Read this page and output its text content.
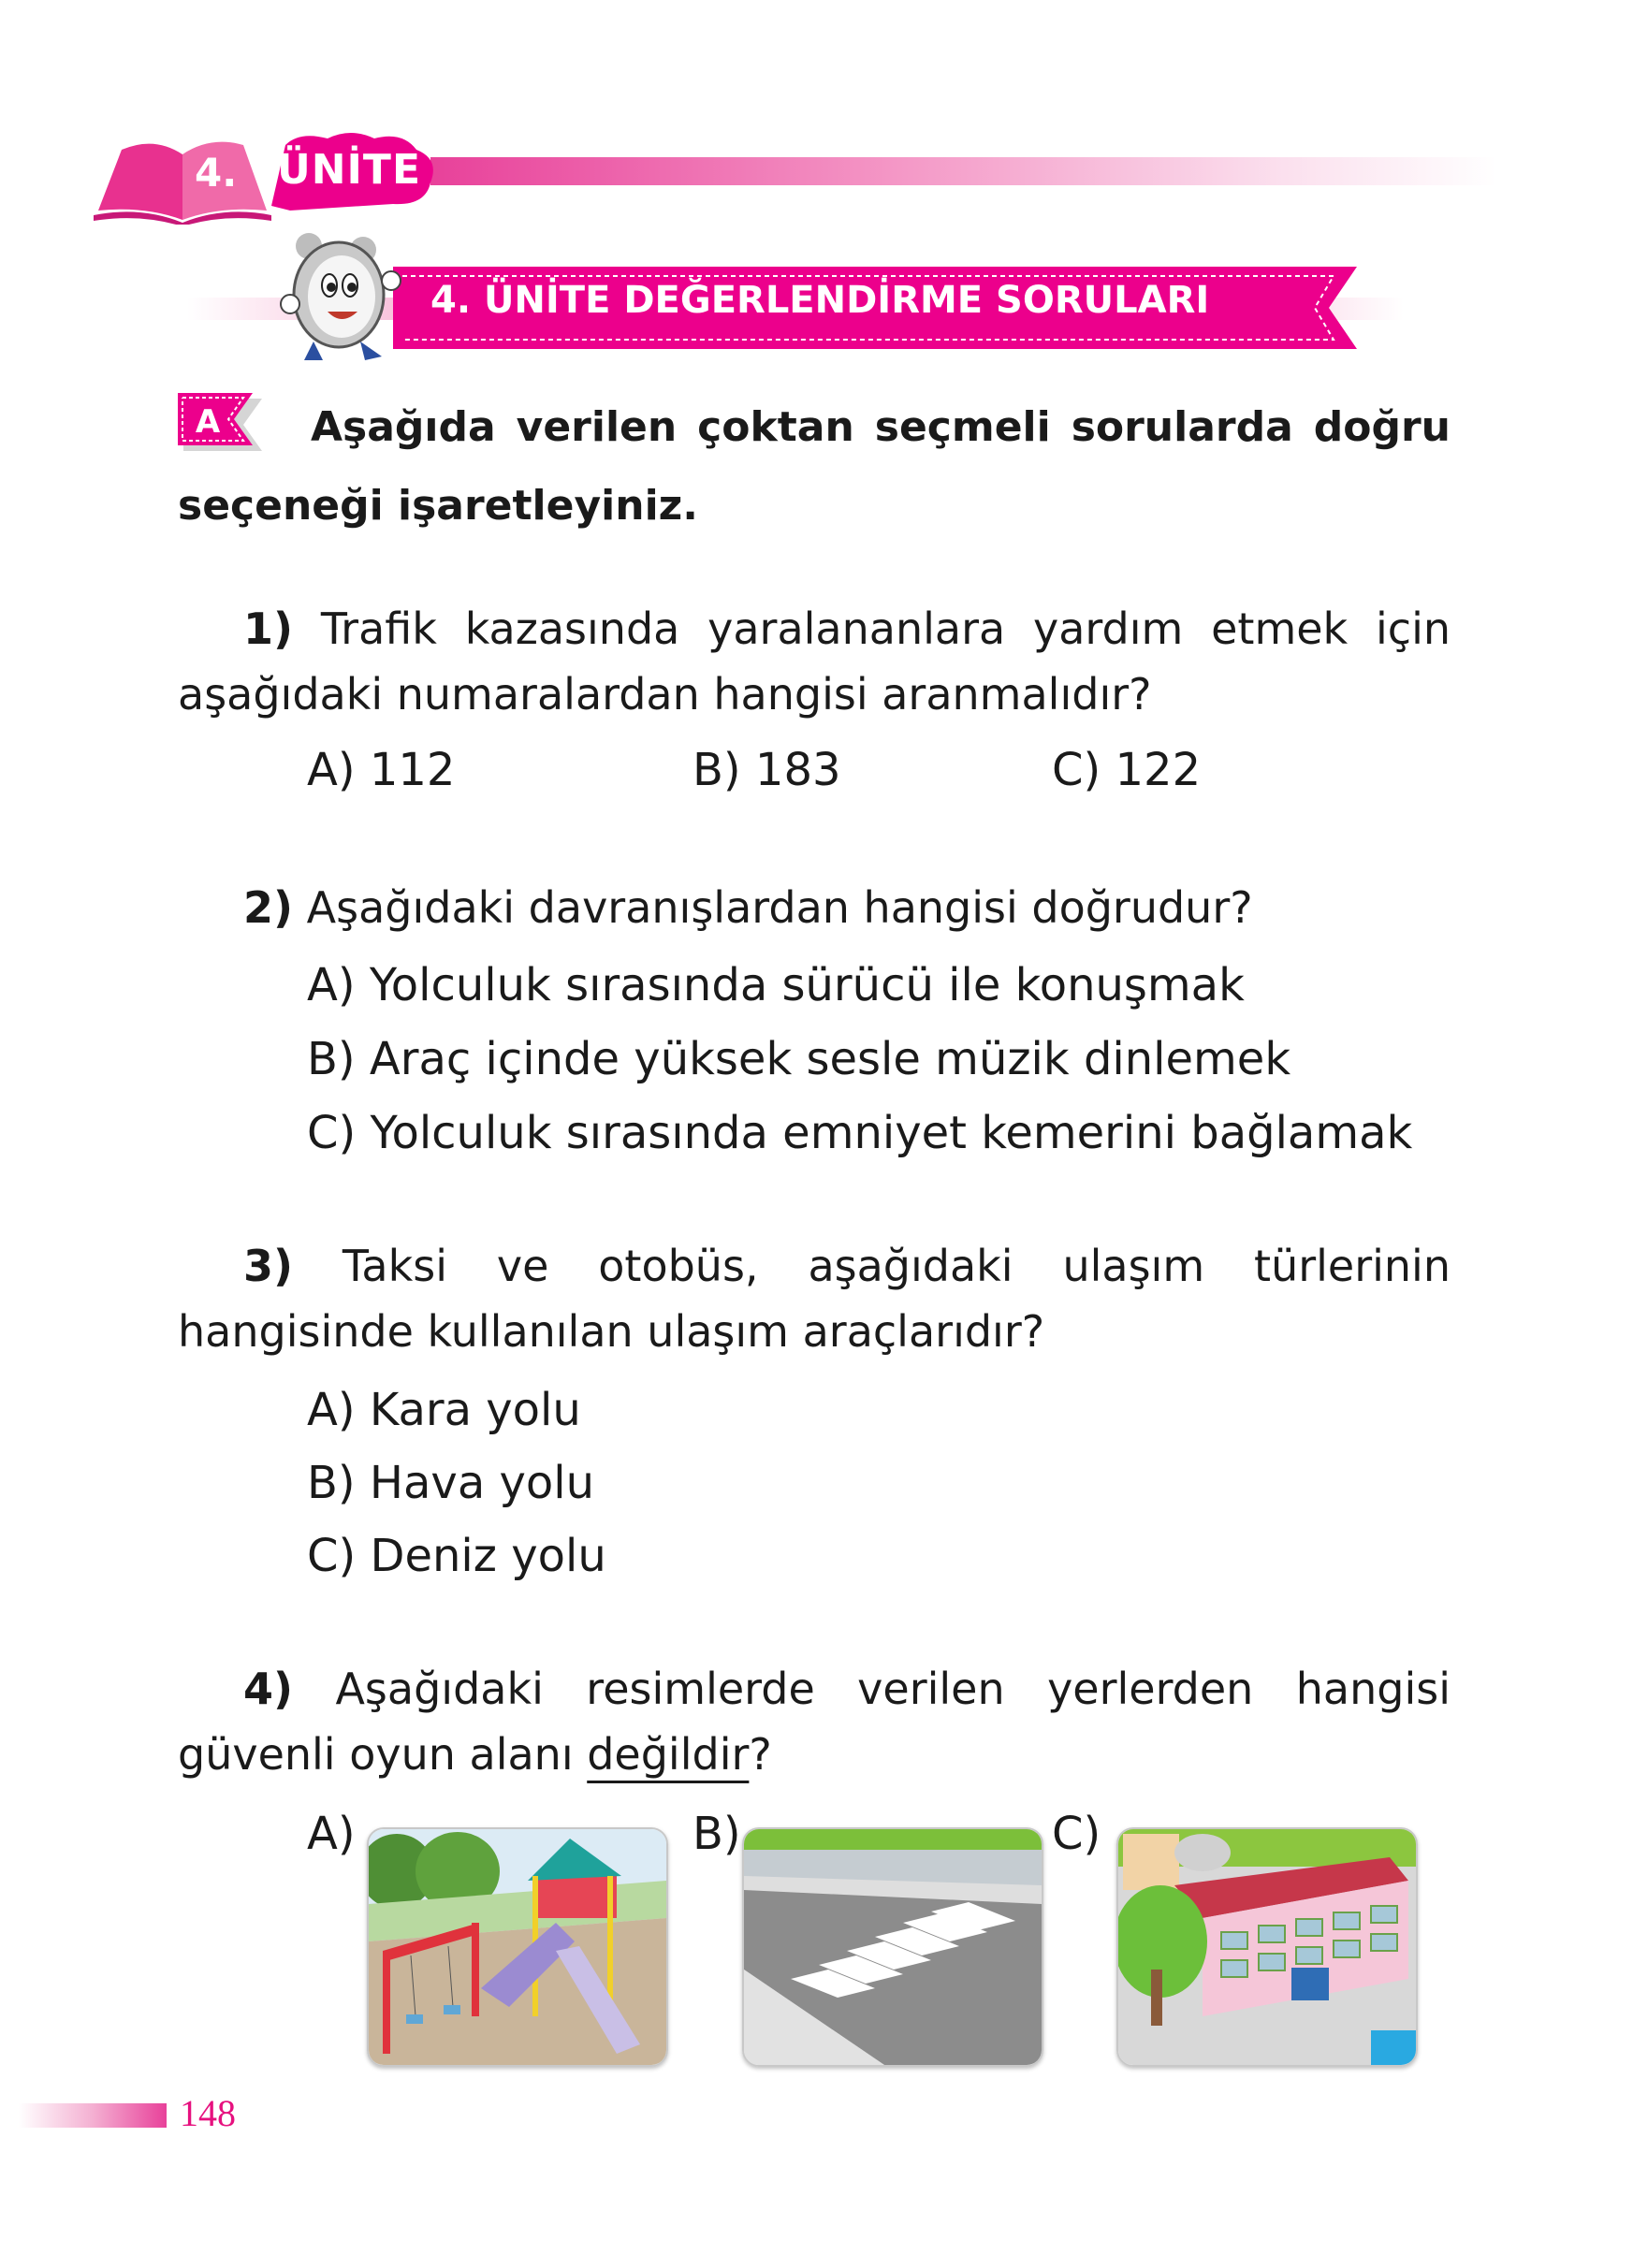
4. ÜNİTE
4. ÜNİTE DEĞERLENDİRME SORULARI
A	Aşağıda verilen çoktan seçmeli sorularda doğru seçeneği işaretleyiniz.
1) Trafik kazasında yaralananlara yardım etmek için aşağıdaki numaralardan hangisi aranmalıdır?
A) 112	B) 183	C) 122
2) Aşağıdaki davranışlardan hangisi doğrudur?
A) Yolculuk sırasında sürücü ile konuşmak
B) Araç içinde yüksek sesle müzik dinlemek
C) Yolculuk sırasında emniyet kemerini bağlamak
3) Taksi ve otobüs, aşağıdaki ulaşım türlerinin hangisinde kullanılan ulaşım araçlarıdır?
A) Kara yolu
B) Hava yolu
C) Deniz yolu
4) Aşağıdaki resimlerde verilen yerlerden hangisi güvenli oyun alanı değildir?
A)	B)	C)
148
